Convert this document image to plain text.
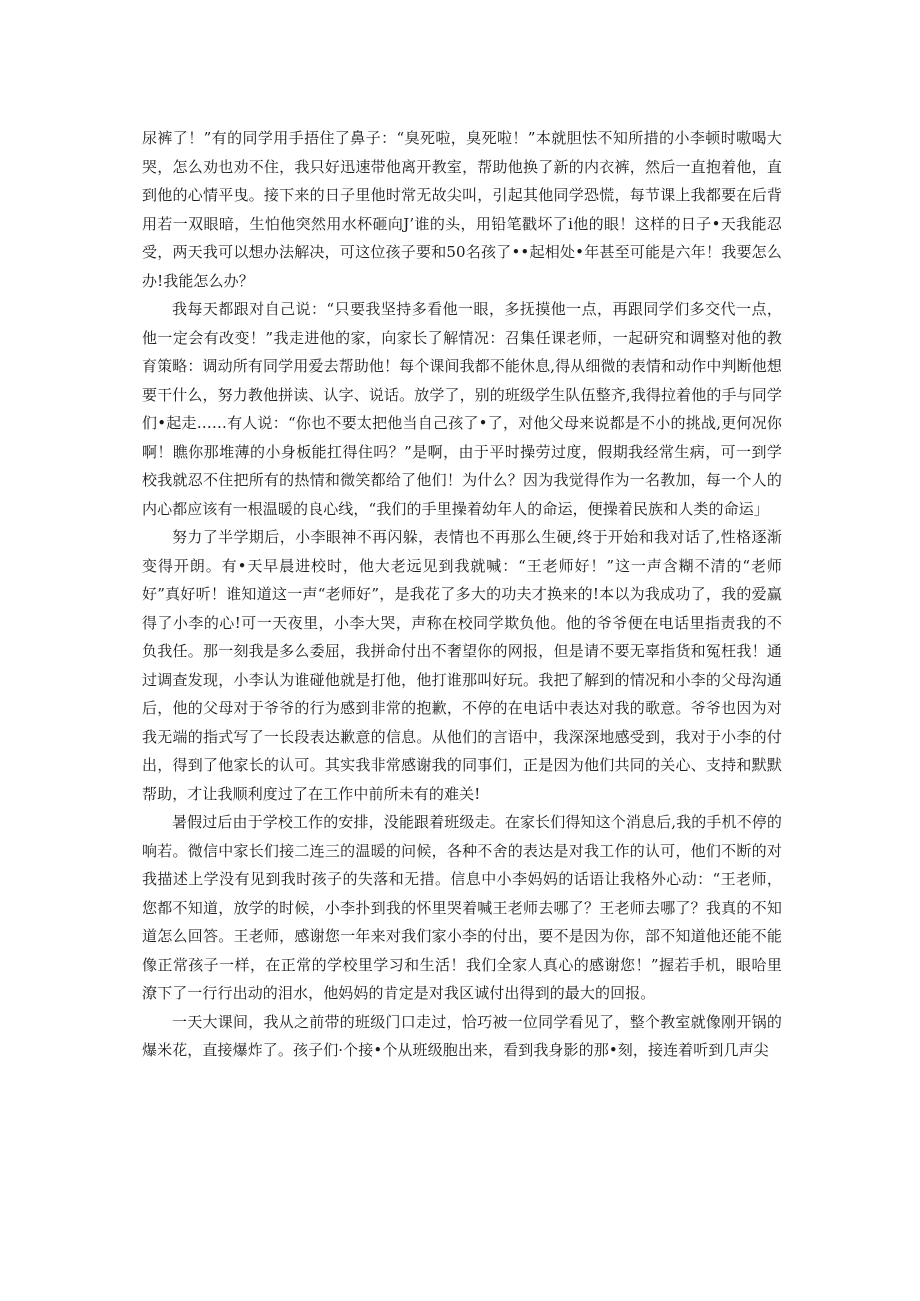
尿裤了！”有的同学用手捂住了鼻子：“臭死啦，臭死啦！”本就胆怯不知所措的小李顿时嗷喝大哭，怎么劝也劝不住，我只好迅速带他离开教室，帮助他换了新的内衣裤，然后一直抱着他，直到他的心情平曳。接下来的日子里他时常无故尖叫，引起其他同学恐慌，每节课上我都要在后背用若一双眼暗，生怕他突然用水杯砸向J’谁的头，用铅笔戳坏了i他的眼！这样的日子•天我能忍受，两天我可以想办法解决，可这位孩子要和50名孩了••起相处•年甚至可能是六年！我要怎么办!我能怎么办？

我每天都跟对自己说：“只要我坚持多看他一眼，多抚摸他一点，再跟同学们多交代一点，他一定会有改变！”我走进他的家，向家长了解情况：召集任课老师，一起研究和调整对他的教育策略：调动所有同学用爱去帮助他！每个课间我都不能休息,得从细微的表情和动作中判断他想要干什么，努力教他拼读、认字、说话。放学了，别的班级学生队伍整齐,我得拉着他的手与同学们•起走……有人说：“你也不要太把他当自己孩了•了，对他父母来说都是不小的挑战,更何况你啊！瞧你那堆薄的小身板能扛得住吗？”是啊，由于平时操劳过度，假期我经常生病，可一到学校我就忍不住把所有的热情和微笑都给了他们！为什么？因为我觉得作为一名教加，每一个人的内心都应该有一根温暖的良心线，“我们的手里操着幼年人的命运，便操着民族和人类的命运」

努力了半学期后，小李眼神不再闪躲，表情也不再那么生硬,终于开始和我对话了,性格逐渐变得开朗。有•天早晨进校时，他大老远见到我就喊：“王老师好！”这一声含糊不清的“老师好”真好听！谁知道这一声“老师好”，是我花了多大的功夫才换来的!本以为我成功了，我的爱赢得了小李的心!可一天夜里，小李大哭，声称在校同学欺负他。他的爷爷便在电话里指责我的不负我任。那一刻我是多么委屈，我拼命付出不奢望你的网报，但是请不要无辜指货和冤枉我！通过调查发现，小李认为谁碰他就是打他，他打谁那叫好玩。我把了解到的情况和小李的父母沟通后，他的父母对于爷爷的行为感到非常的抱歉，不停的在电话中表达对我的歌意。爷爷也因为对我无端的指式写了一长段表达歉意的信息。从他们的言语中，我深深地感受到，我对于小李的付出，得到了他家长的认可。其实我非常感谢我的同事们，正是因为他们共同的关心、支持和默默帮助，才让我顺利度过了在工作中前所未有的难关!

暑假过后由于学校工作的安排，没能跟着班级走。在家长们得知这个消息后,我的手机不停的响若。微信中家长们接二连三的温暖的问候，各种不舍的表达是对我工作的认可，他们不断的对我描述上学没有见到我时孩子的失落和无措。信息中小李妈妈的话语让我格外心动：“王老师，您都不知道，放学的时候，小李扑到我的怀里哭着喊王老师去哪了？王老师去哪了？我真的不知道怎么回答。王老师，感谢您一年来对我们家小李的付出，要不是因为你，部不知道他还能不能像正常孩子一样，在正常的学校里学习和生活！我们全家人真心的感谢您！”握若手机，眼哈里潦下了一行行出动的泪水，他妈妈的肯定是对我区诚付出得到的最大的回报。

一天大课间，我从之前带的班级门口走过，恰巧被一位同学看见了，整个教室就像刚开锅的爆米花，直接爆炸了。孩子们·个接•个从班级胞出来，看到我身影的那•刻，接连着听到几声尖
